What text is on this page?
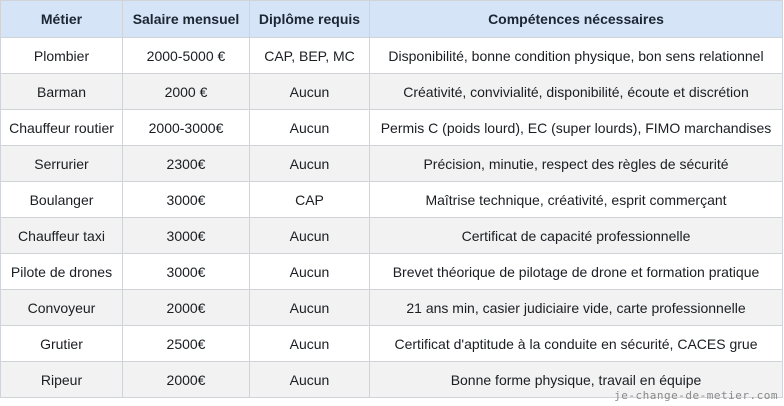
Métier	Salaire mensuel	Diplôme requis	Compétences nécessaires
Plombier	2000-5000 €	CAP, BEP, MC	Disponibilité, bonne condition physique, bon sens relationnel
Barman	2000 €	Aucun	Créativité, convivialité, disponibilité, écoute et discrétion
Chauffeur routier	2000-3000€	Aucun	Permis C (poids lourd), EC (super lourds), FIMO marchandises
Serrurier	2300€	Aucun	Précision, minutie, respect des règles de sécurité
Boulanger	3000€	CAP	Maîtrise technique, créativité, esprit commerçant
Chauffeur taxi	3000€	Aucun	Certificat de capacité professionnelle
Pilote de drones	3000€	Aucun	Brevet théorique de pilotage de drone et formation pratique
Convoyeur	2000€	Aucun	21 ans min, casier judiciaire vide, carte professionnelle
Grutier	2500€	Aucun	Certificat d'aptitude à la conduite en sécurité, CACES grue
Ripeur	2000€	Aucun	Bonne forme physique, travail en équipe
je-change-de-metier.com
